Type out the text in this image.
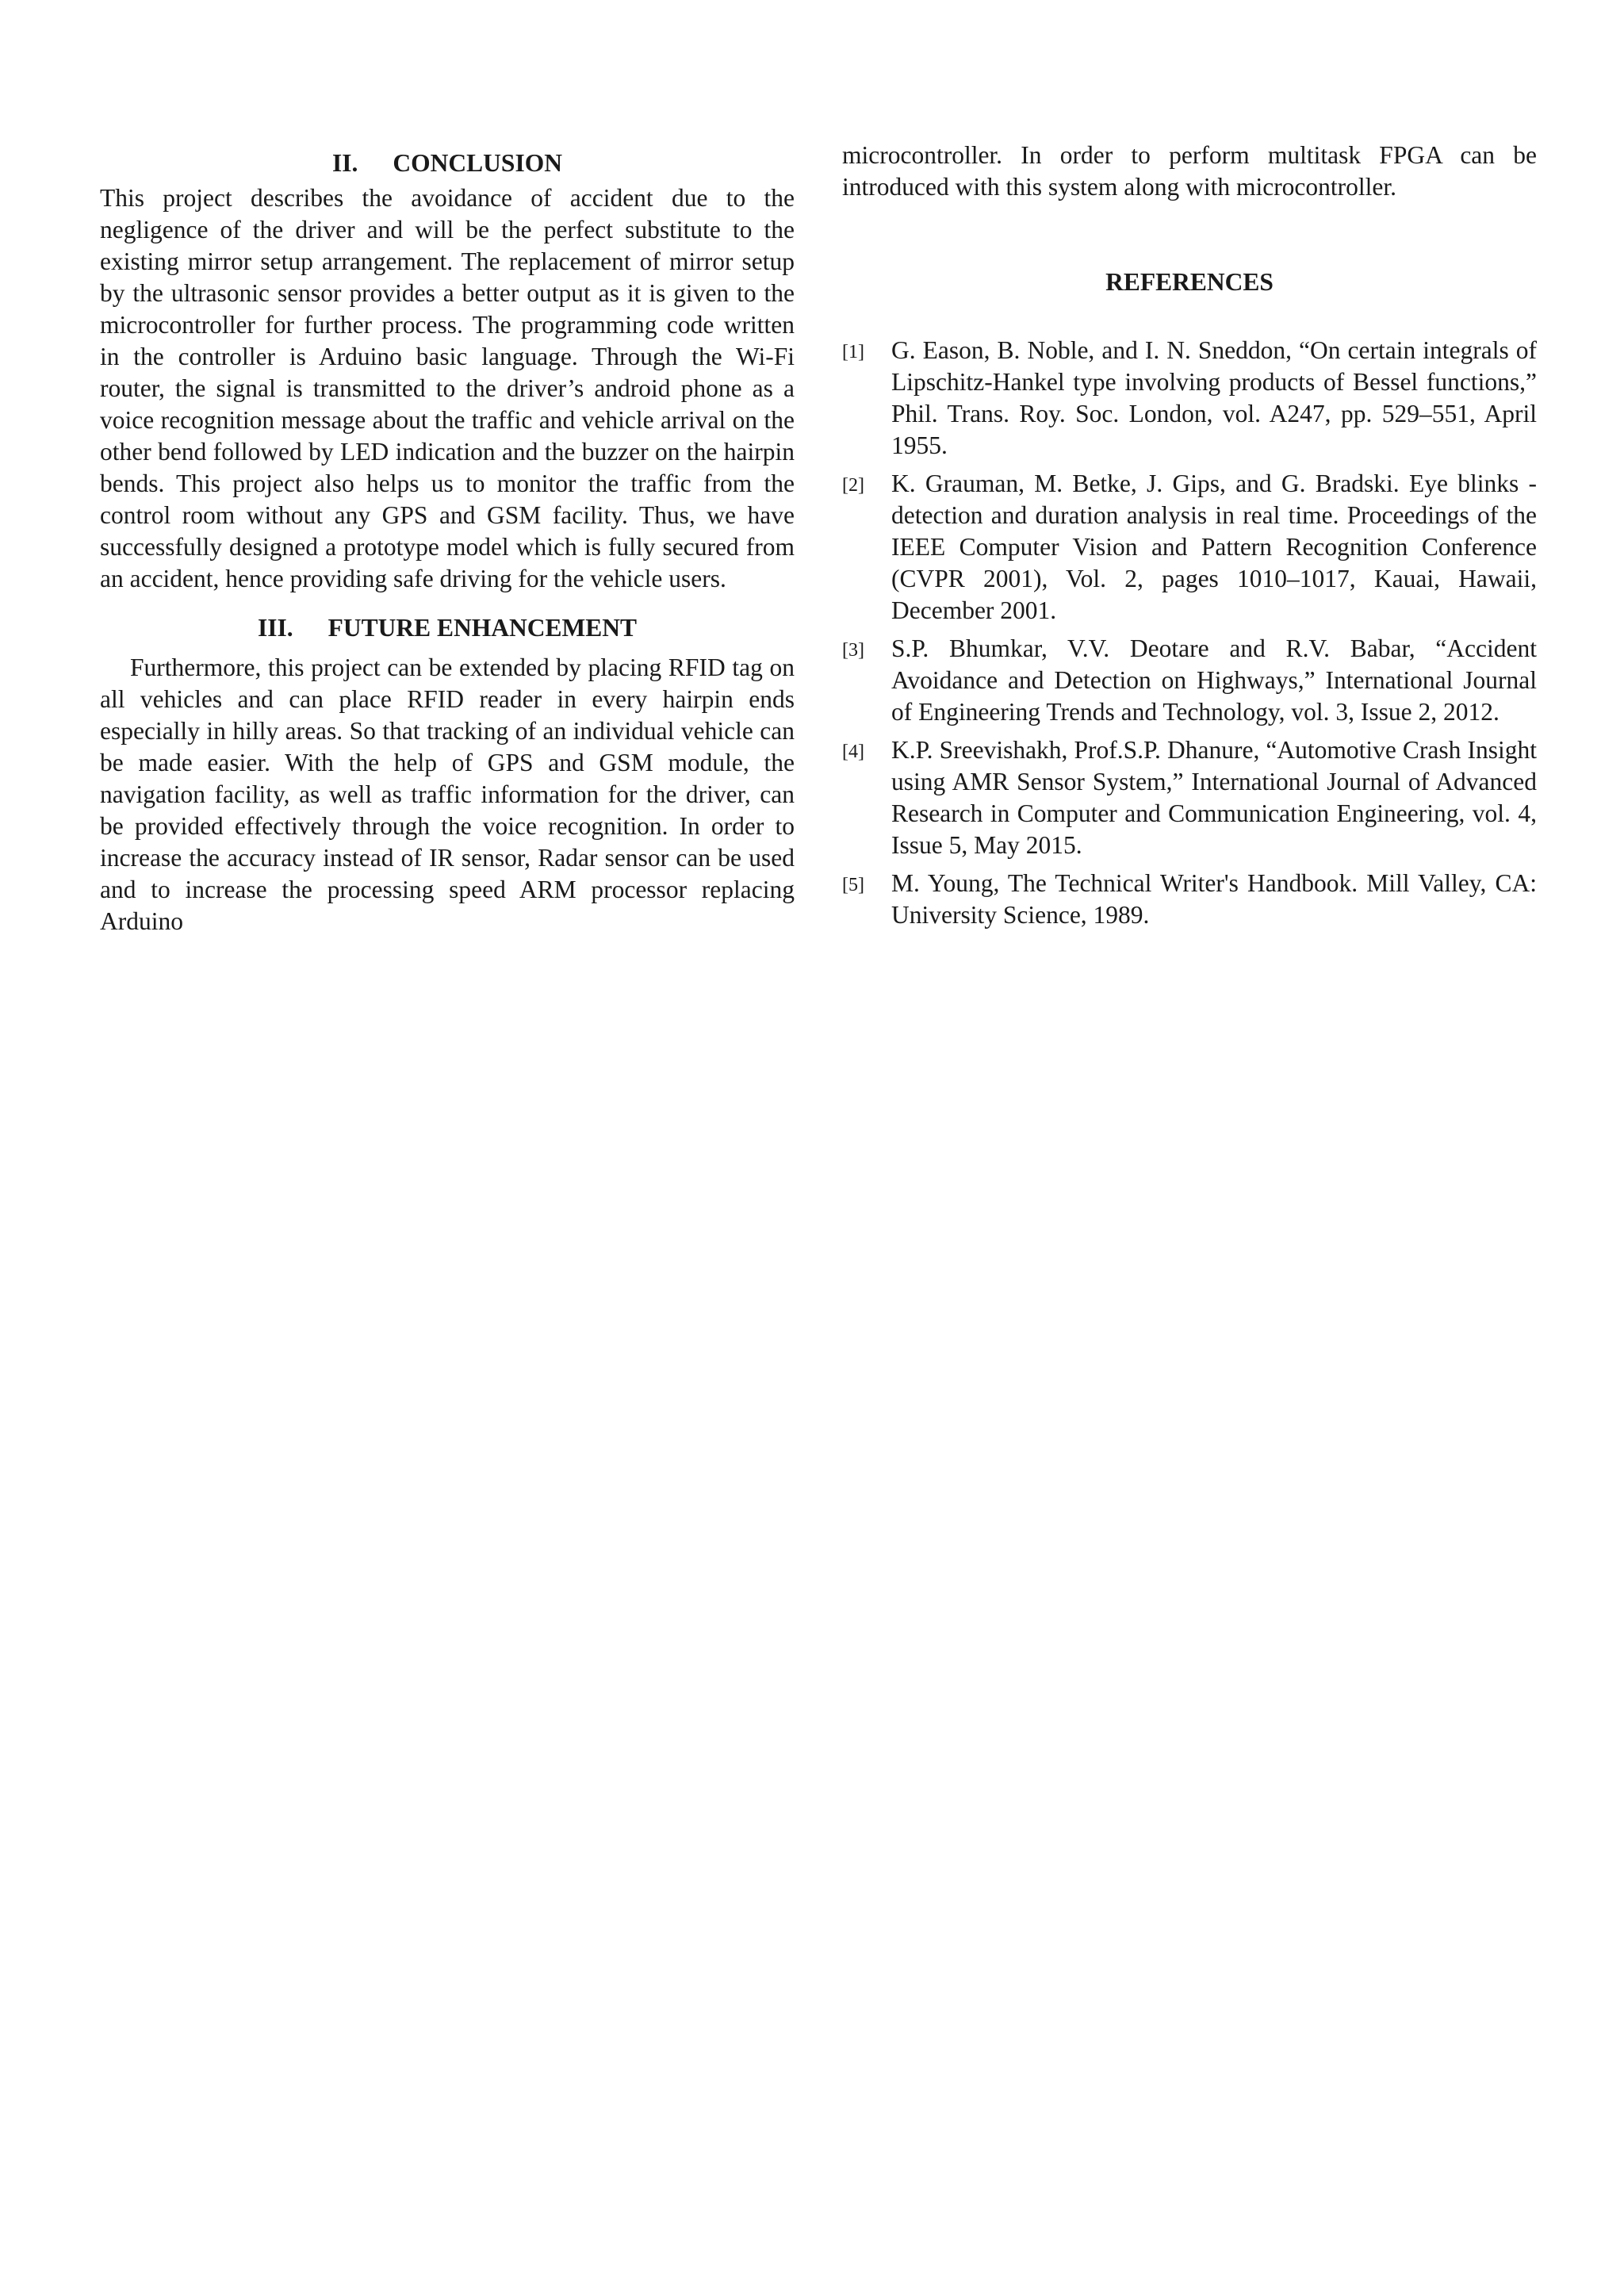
II. CONCLUSION

This project describes the avoidance of accident due to the negligence of the driver and will be the perfect substitute to the existing mirror setup arrangement. The replacement of mirror setup by the ultrasonic sensor provides a better output as it is given to the microcontroller for further process. The programming code written in the controller is Arduino basic language. Through the Wi-Fi router, the signal is transmitted to the driver’s android phone as a voice recognition message about the traffic and vehicle arrival on the other bend followed by LED indication and the buzzer on the hairpin bends. This project also helps us to monitor the traffic from the control room without any GPS and GSM facility. Thus, we have successfully designed a prototype model which is fully secured from an accident, hence providing safe driving for the vehicle users.

III. FUTURE ENHANCEMENT

Furthermore, this project can be extended by placing RFID tag on all vehicles and can place RFID reader in every hairpin ends especially in hilly areas. So that tracking of an individual vehicle can be made easier. With the help of GPS and GSM module, the navigation facility, as well as traffic information for the driver, can be provided effectively through the voice recognition. In order to increase the accuracy instead of IR sensor, Radar sensor can be used and to increase the processing speed ARM processor replacing Arduino

microcontroller. In order to perform multitask FPGA can be introduced with this system along with microcontroller.

REFERENCES
[1]	G. Eason, B. Noble, and I. N. Sneddon, “On certain integrals of Lipschitz-Hankel type involving products of Bessel functions,” Phil. Trans. Roy. Soc. London, vol. A247, pp. 529–551, April 1955.
[2]	K. Grauman, M. Betke, J. Gips, and G. Bradski. Eye blinks - detection and duration analysis in real time. Proceedings of the IEEE Computer Vision and Pattern Recognition Conference (CVPR 2001), Vol. 2, pages 1010–1017, Kauai, Hawaii, December 2001.
[3]	S.P. Bhumkar, V.V. Deotare and R.V. Babar, “Accident Avoidance and Detection on Highways,” International Journal of Engineering Trends and Technology, vol. 3, Issue 2, 2012.
[4]	K.P. Sreevishakh, Prof.S.P. Dhanure, “Automotive Crash Insight using AMR Sensor System,” International Journal of Advanced Research in Computer and Communication Engineering, vol. 4, Issue 5, May 2015.
[5]	M. Young, The Technical Writer's Handbook. Mill Valley, CA: University Science, 1989.
